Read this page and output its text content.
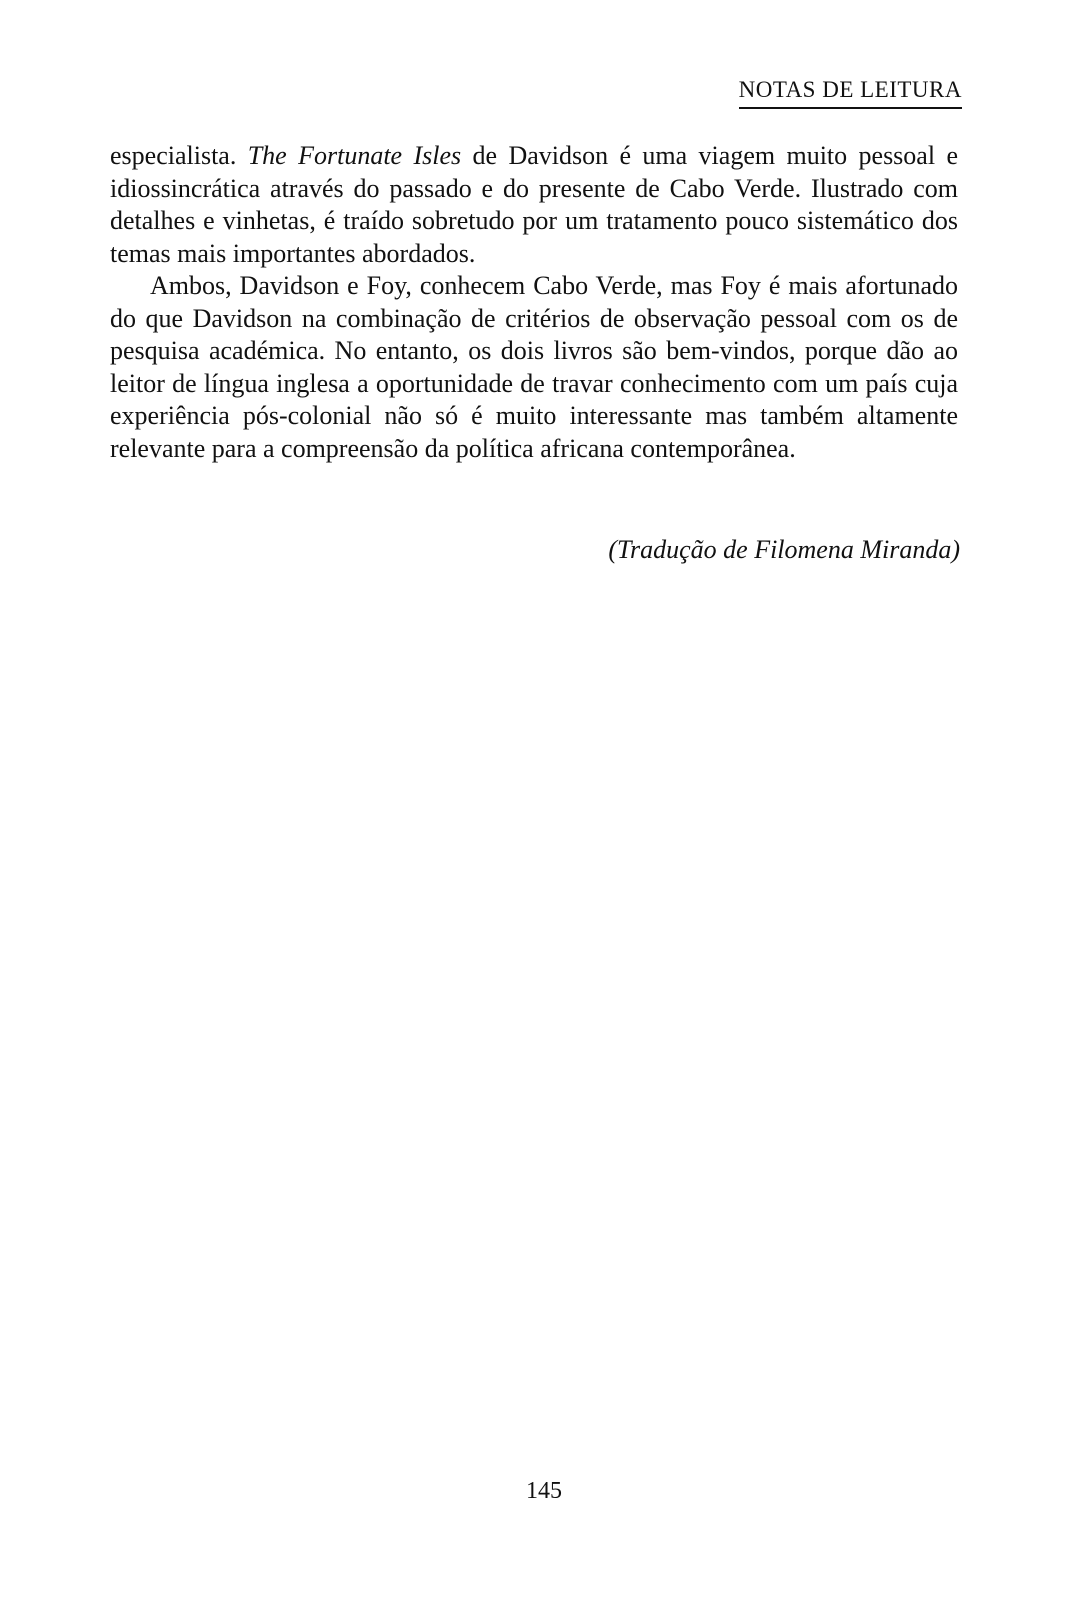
NOTAS DE LEITURA

especialista. The Fortunate Isles de Davidson é uma viagem muito pessoal e idiossincrática através do passado e do presente de Cabo Verde. Ilustrado com detalhes e vinhetas, é traído sobretudo por um tratamento pouco sistemático dos temas mais importantes abordados.

Ambos, Davidson e Foy, conhecem Cabo Verde, mas Foy é mais afortunado do que Davidson na combinação de critérios de observação pessoal com os de pesquisa académica. No entanto, os dois livros são bem-vindos, porque dão ao leitor de língua inglesa a oportunidade de travar conhecimento com um país cuja experiência pós-colonial não só é muito interessante mas também altamente relevante para a compreensão da política africana contemporânea.

(Tradução de Filomena Miranda)
145
